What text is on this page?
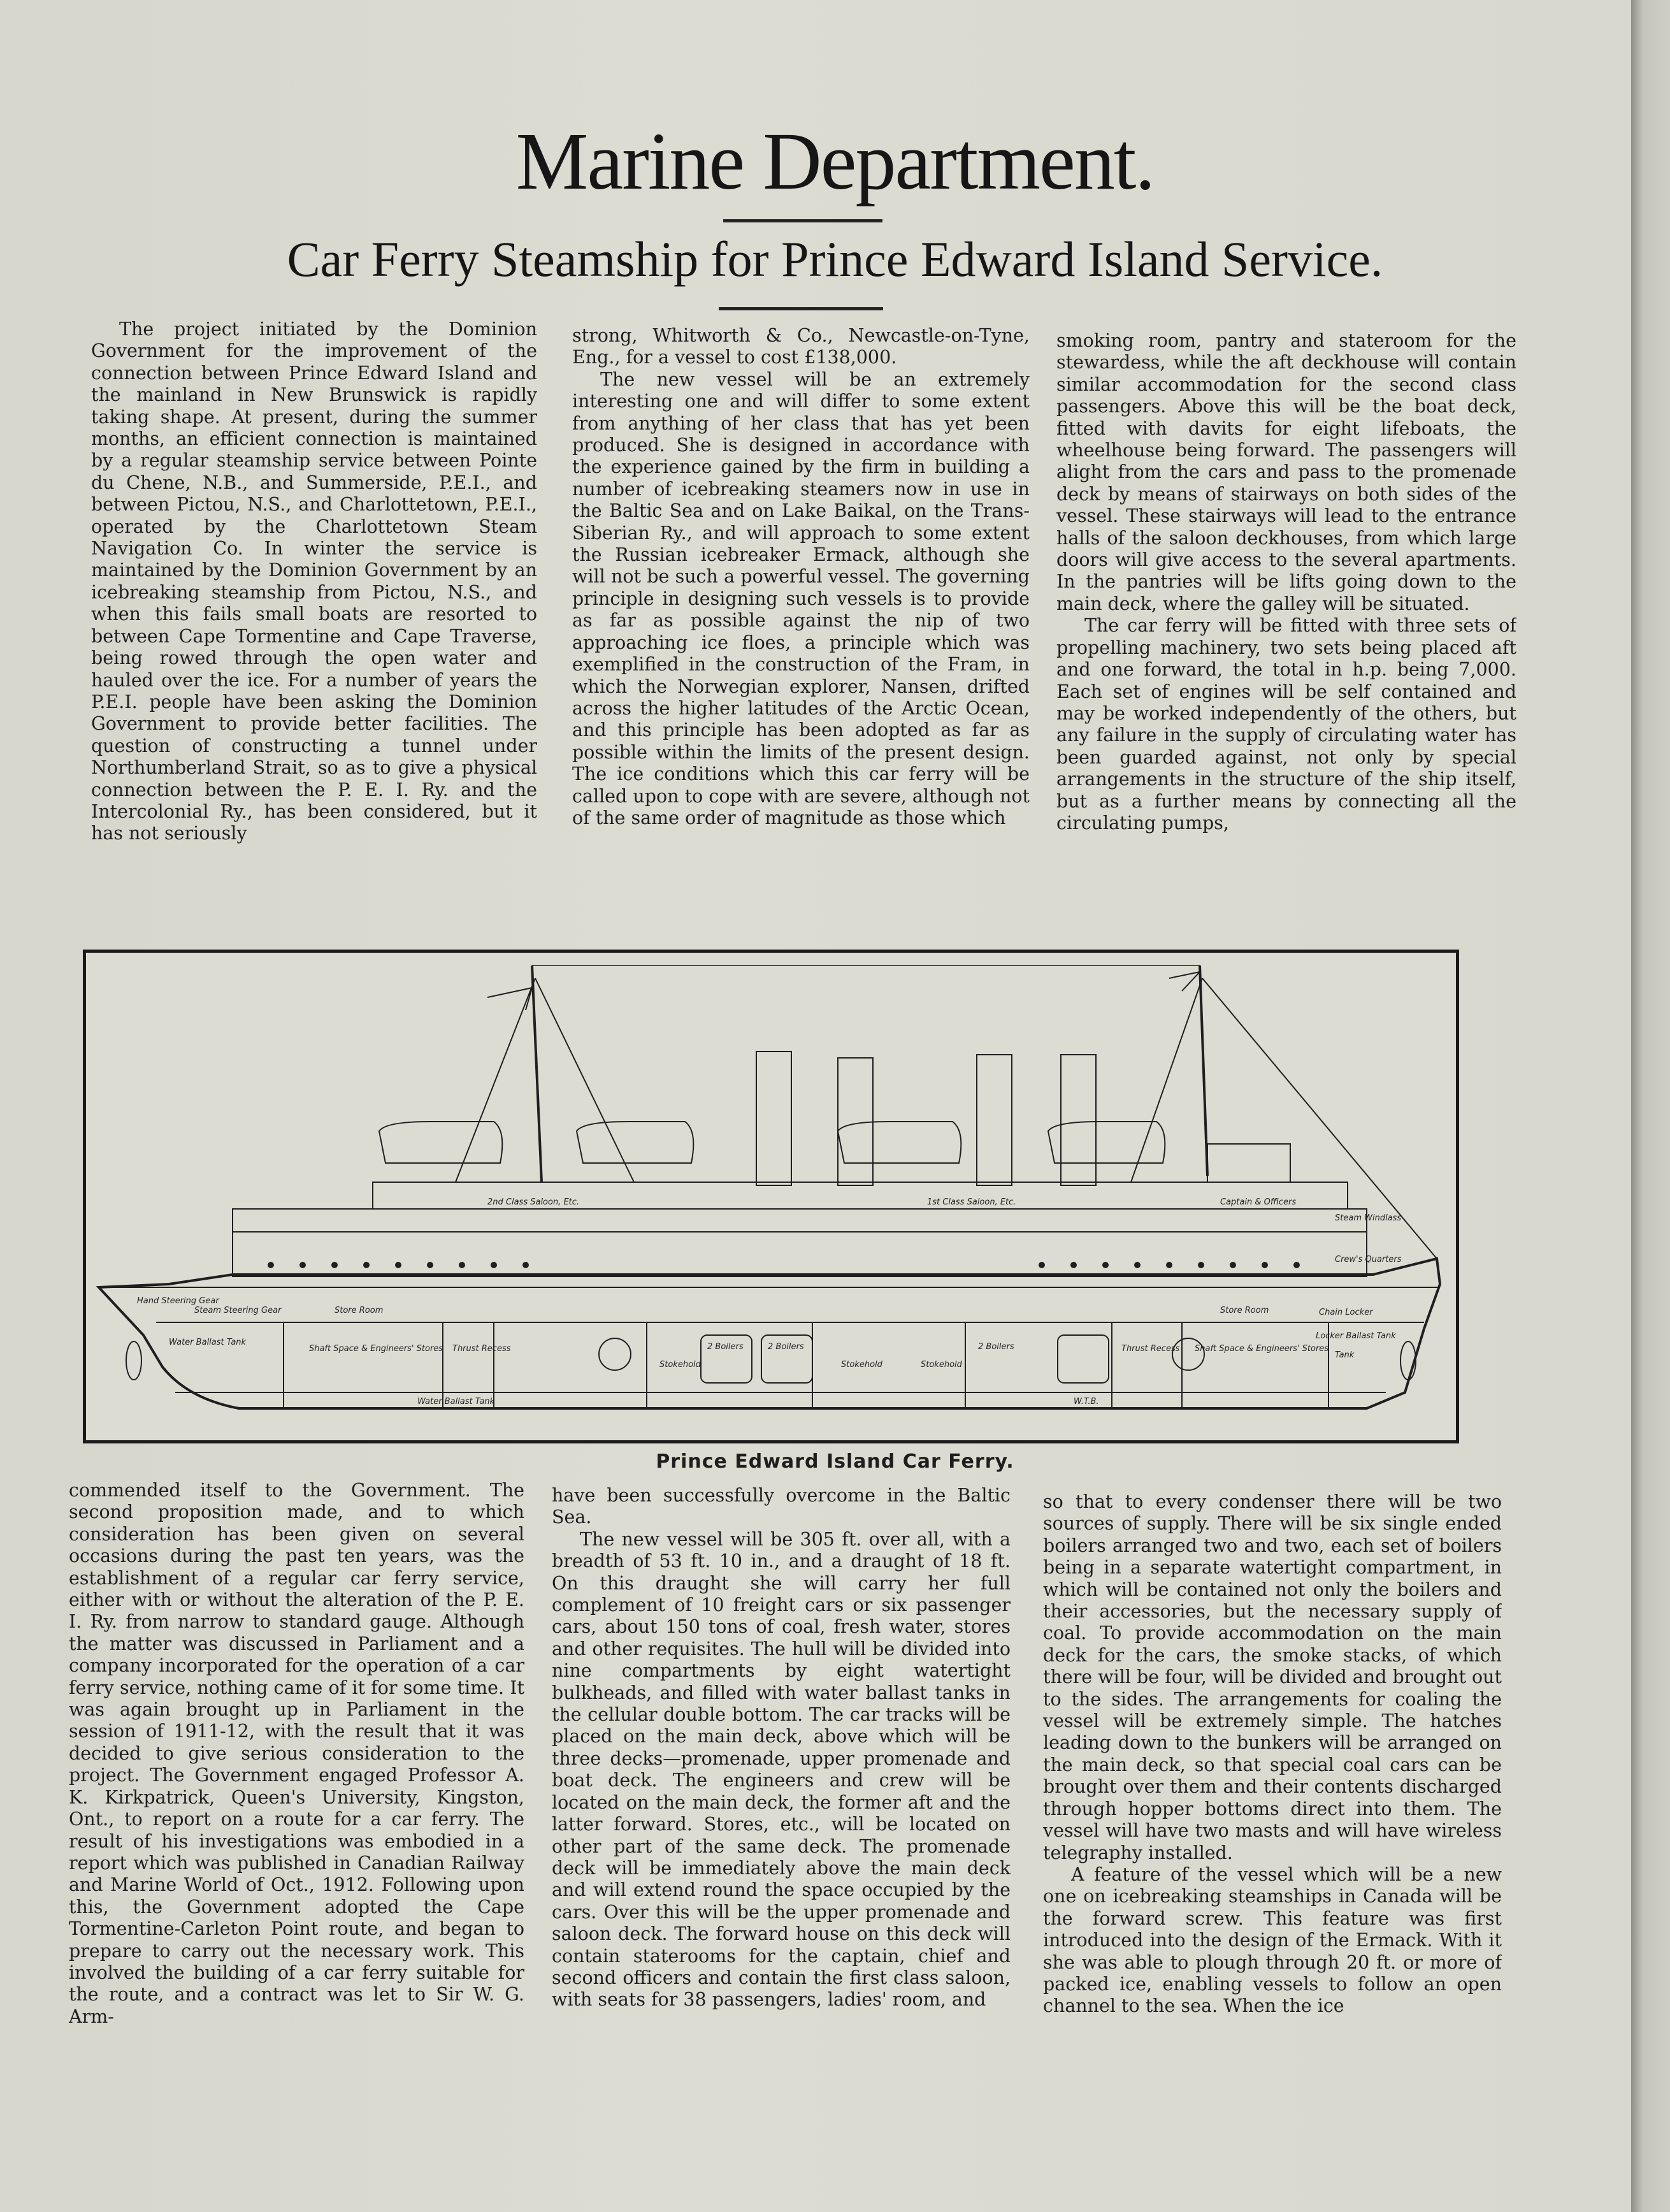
Marine Department.
Car Ferry Steamship for Prince Edward Island Service.

The project initiated by the Dominion Government for the improvement of the connection between Prince Edward Island and the mainland in New Brunswick is rapidly taking shape. At present, during the summer months, an efficient connection is maintained by a regular steamship service between Pointe du Chene, N.B., and Summerside, P.E.I., and between Pictou, N.S., and Charlottetown, P.E.I., operated by the Charlottetown Steam Navigation Co. In winter the service is maintained by the Dominion Government by an icebreaking steamship from Pictou, N.S., and when this fails small boats are resorted to between Cape Tormentine and Cape Traverse, being rowed through the open water and hauled over the ice. For a number of years the P.E.I. people have been asking the Dominion Government to provide better facilities. The question of constructing a tunnel under Northumberland Strait, so as to give a physical connection between the P. E. I. Ry. and the Intercolonial Ry., has been considered, but it has not seriously

strong, Whitworth & Co., Newcastle-on-Tyne, Eng., for a vessel to cost £138,000.

The new vessel will be an extremely interesting one and will differ to some extent from anything of her class that has yet been produced. She is designed in accordance with the experience gained by the firm in building a number of icebreaking steamers now in use in the Baltic Sea and on Lake Baikal, on the Trans-Siberian Ry., and will approach to some extent the Russian icebreaker Ermack, although she will not be such a powerful vessel. The governing principle in designing such vessels is to provide as far as possible against the nip of two approaching ice floes, a principle which was exemplified in the construction of the Fram, in which the Norwegian explorer, Nansen, drifted across the higher latitudes of the Arctic Ocean, and this principle has been adopted as far as possible within the limits of the present design. The ice conditions which this car ferry will be called upon to cope with are severe, although not of the same order of magnitude as those which

smoking room, pantry and stateroom for the stewardess, while the aft deckhouse will contain similar accommodation for the second class passengers. Above this will be the boat deck, fitted with davits for eight lifeboats, the wheelhouse being forward. The passengers will alight from the cars and pass to the promenade deck by means of stairways on both sides of the vessel. These stairways will lead to the entrance halls of the saloon deckhouses, from which large doors will give access to the several apartments. In the pantries will be lifts going down to the main deck, where the galley will be situated.

The car ferry will be fitted with three sets of propelling machinery, two sets being placed aft and one forward, the total in h.p. being 7,000. Each set of engines will be self contained and may be worked independently of the others, but any failure in the supply of circulating water has been guarded against, not only by special arrangements in the structure of the ship itself, but as a further means by connecting all the circulating pumps,

2nd Class Saloon, Etc.	1st Class Saloon, Etc.	Captain & Officers
Steam Windlass
Crew's Quarters
Store Room	Store Room	Chain Locker
Locker Ballast Tank
Hand Steering Gear
Steam Steering Gear
Water Ballast Tank
Shaft Space & Engineers' Stores Thrust Recess
Stokehold
2 Boilers	2 Boilers
Stokehold	Stokehold
2 Boilers	Thrust Recess Shaft Space & Engineers' Stores
Tank
Water Ballast Tank	W.T.B.
Prince Edward Island Car Ferry.

commended itself to the Government. The second proposition made, and to which consideration has been given on several occasions during the past ten years, was the establishment of a regular car ferry service, either with or without the alteration of the P. E. I. Ry. from narrow to standard gauge. Although the matter was discussed in Parliament and a company incorporated for the operation of a car ferry service, nothing came of it for some time. It was again brought up in Parliament in the session of 1911-12, with the result that it was decided to give serious consideration to the project. The Government engaged Professor A. K. Kirkpatrick, Queen's University, Kingston, Ont., to report on a route for a car ferry. The result of his investigations was embodied in a report which was published in Canadian Railway and Marine World of Oct., 1912. Following upon this, the Government adopted the Cape Tormentine-Carleton Point route, and began to prepare to carry out the necessary work. This involved the building of a car ferry suitable for the route, and a contract was let to Sir W. G. Arm-

have been successfully overcome in the Baltic Sea.

The new vessel will be 305 ft. over all, with a breadth of 53 ft. 10 in., and a draught of 18 ft. On this draught she will carry her full complement of 10 freight cars or six passenger cars, about 150 tons of coal, fresh water, stores and other requisites. The hull will be divided into nine compartments by eight watertight bulkheads, and filled with water ballast tanks in the cellular double bottom. The car tracks will be placed on the main deck, above which will be three decks—promenade, upper promenade and boat deck. The engineers and crew will be located on the main deck, the former aft and the latter forward. Stores, etc., will be located on other part of the same deck. The promenade deck will be immediately above the main deck and will extend round the space occupied by the cars. Over this will be the upper promenade and saloon deck. The forward house on this deck will contain staterooms for the captain, chief and second officers and contain the first class saloon, with seats for 38 passengers, ladies' room, and

so that to every condenser there will be two sources of supply. There will be six single ended boilers arranged two and two, each set of boilers being in a separate watertight compartment, in which will be contained not only the boilers and their accessories, but the necessary supply of coal. To provide accommodation on the main deck for the cars, the smoke stacks, of which there will be four, will be divided and brought out to the sides. The arrangements for coaling the vessel will be extremely simple. The hatches leading down to the bunkers will be arranged on the main deck, so that special coal cars can be brought over them and their contents discharged through hopper bottoms direct into them. The vessel will have two masts and will have wireless telegraphy installed.

A feature of the vessel which will be a new one on icebreaking steamships in Canada will be the forward screw. This feature was first introduced into the design of the Ermack. With it she was able to plough through 20 ft. or more of packed ice, enabling vessels to follow an open channel to the sea. When the ice
